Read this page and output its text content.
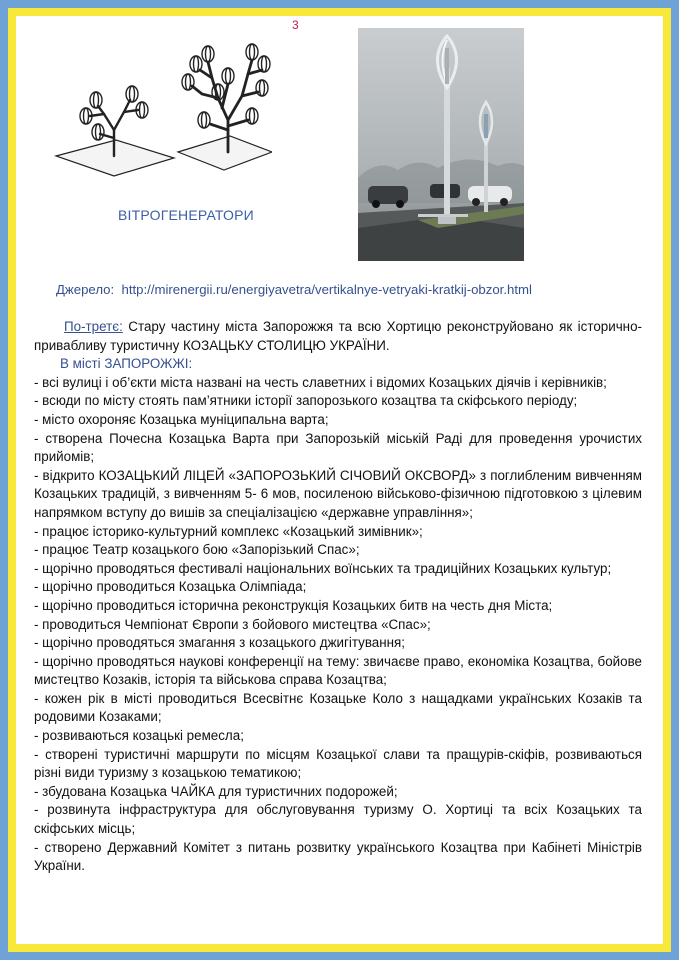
3
ВІТРОГЕНЕРАТОРИ
Джерело: http://mirenergii.ru/energiyavetra/vertikalnye-vetryaki-kratkij-obzor.html

По-третє: Стару частину міста Запорожжя та всю Хортицю реконструйовано як історично- привабливу туристичну КОЗАЦЬКУ СТОЛИЦЮ УКРАЇНИ.

В місті ЗАПОРОЖЖІ:

- всі вулиці і об’єкти міста названі на честь славетних і відомих Козацьких діячів і керівників;

- всюди по місту стоять пам’ятники історії запорозького козацтва та скіфського періоду;

- місто охороняє Козацька муніципальна варта;

- створена Почесна Козацька Варта при Запорозькій міській Раді для проведення урочистих прийомів;

- відкрито КОЗАЦЬКИЙ ЛІЦЕЙ «ЗАПОРОЗЬКИЙ СІЧОВИЙ ОКСВОРД» з поглибленим вивченням Козацьких традицій, з вивченням 5- 6 мов, посиленою військово-фізичною підготовкою з цілевим напрямком вступу до вишів за спеціалізацією «державне управління»;

- працює історико-культурний комплекс «Козацький зимівник»;

- працює Театр козацького бою «Запорізький Спас»;

- щорічно проводяться фестивалі національних воїнських та традиційних Козацьких культур;

- щорічно проводиться Козацька Олімпіада;

- щорічно проводиться історична реконструкція Козацьких битв на честь дня Міста;

- проводиться Чемпіонат Європи з бойового мистецтва «Спас»;

- щорічно проводяться змагання з козацького джигітування;

- щорічно проводяться наукові конференції на тему: звичаєве право, економіка Козацтва, бойове мистецтво Козаків, історія та військова справа Козацтва;

- кожен рік в місті проводиться Всесвітнє Козацьке Коло з нащадками українських Козаків та родовими Козаками;

- розвиваються козацькі ремесла;

- створені туристичні маршрути по місцям Козацької слави та пращурів-скіфів, розвиваються різні види туризму з козацькою тематикою;

- збудована Козацька ЧАЙКА для туристичних подорожей;

- розвинута інфраструктура для обслуговування туризму О. Хортиці та всіх Козацьких та скіфських місць;

- створено Державний Комітет з питань розвитку українського Козацтва при Кабінеті Міністрів України.
